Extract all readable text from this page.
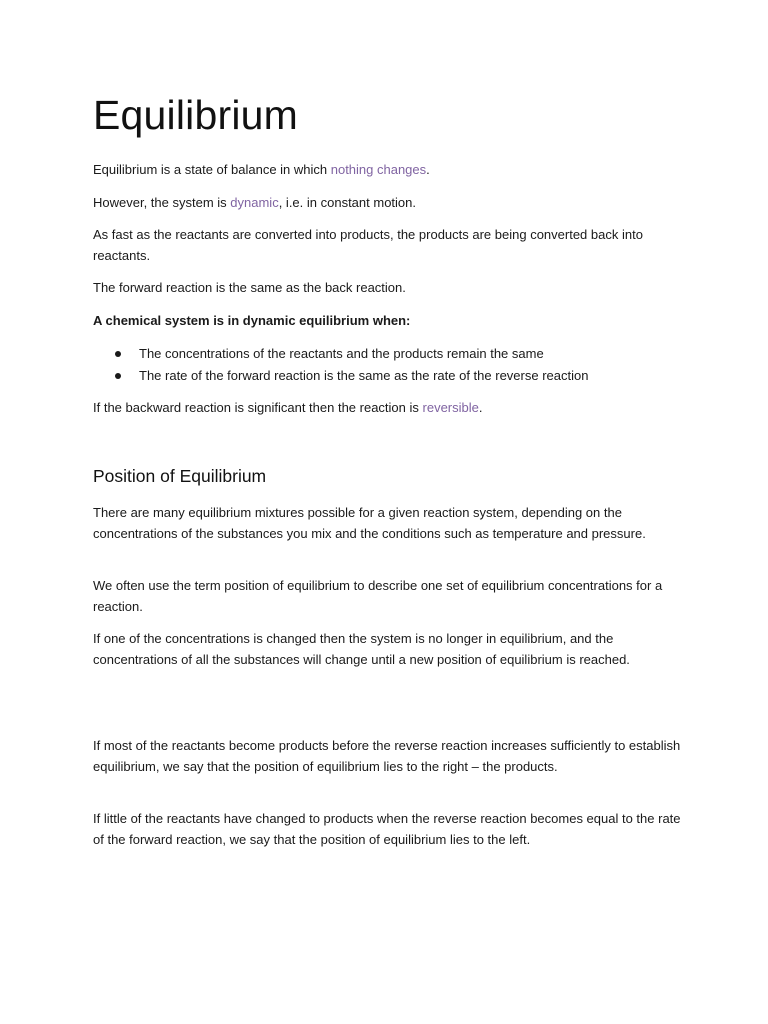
Equilibrium

Equilibrium is a state of balance in which nothing changes.

However, the system is dynamic, i.e. in constant motion.

As fast as the reactants are converted into products, the products are being converted back into reactants.

The forward reaction is the same as the back reaction.

A chemical system is in dynamic equilibrium when:

The concentrations of the reactants and the products remain the same
The rate of the forward reaction is the same as the rate of the reverse reaction

If the backward reaction is significant then the reaction is reversible.

Position of Equilibrium

There are many equilibrium mixtures possible for a given reaction system, depending on the concentrations of the substances you mix and the conditions such as temperature and pressure.

We often use the term position of equilibrium to describe one set of equilibrium concentrations for a reaction.

If one of the concentrations is changed then the system is no longer in equilibrium, and the concentrations of all the substances will change until a new position of equilibrium is reached.

If most of the reactants become products before the reverse reaction increases sufficiently to establish equilibrium, we say that the position of equilibrium lies to the right – the products.

If little of the reactants have changed to products when the reverse reaction becomes equal to the rate of the forward reaction, we say that the position of equilibrium lies to the left.
